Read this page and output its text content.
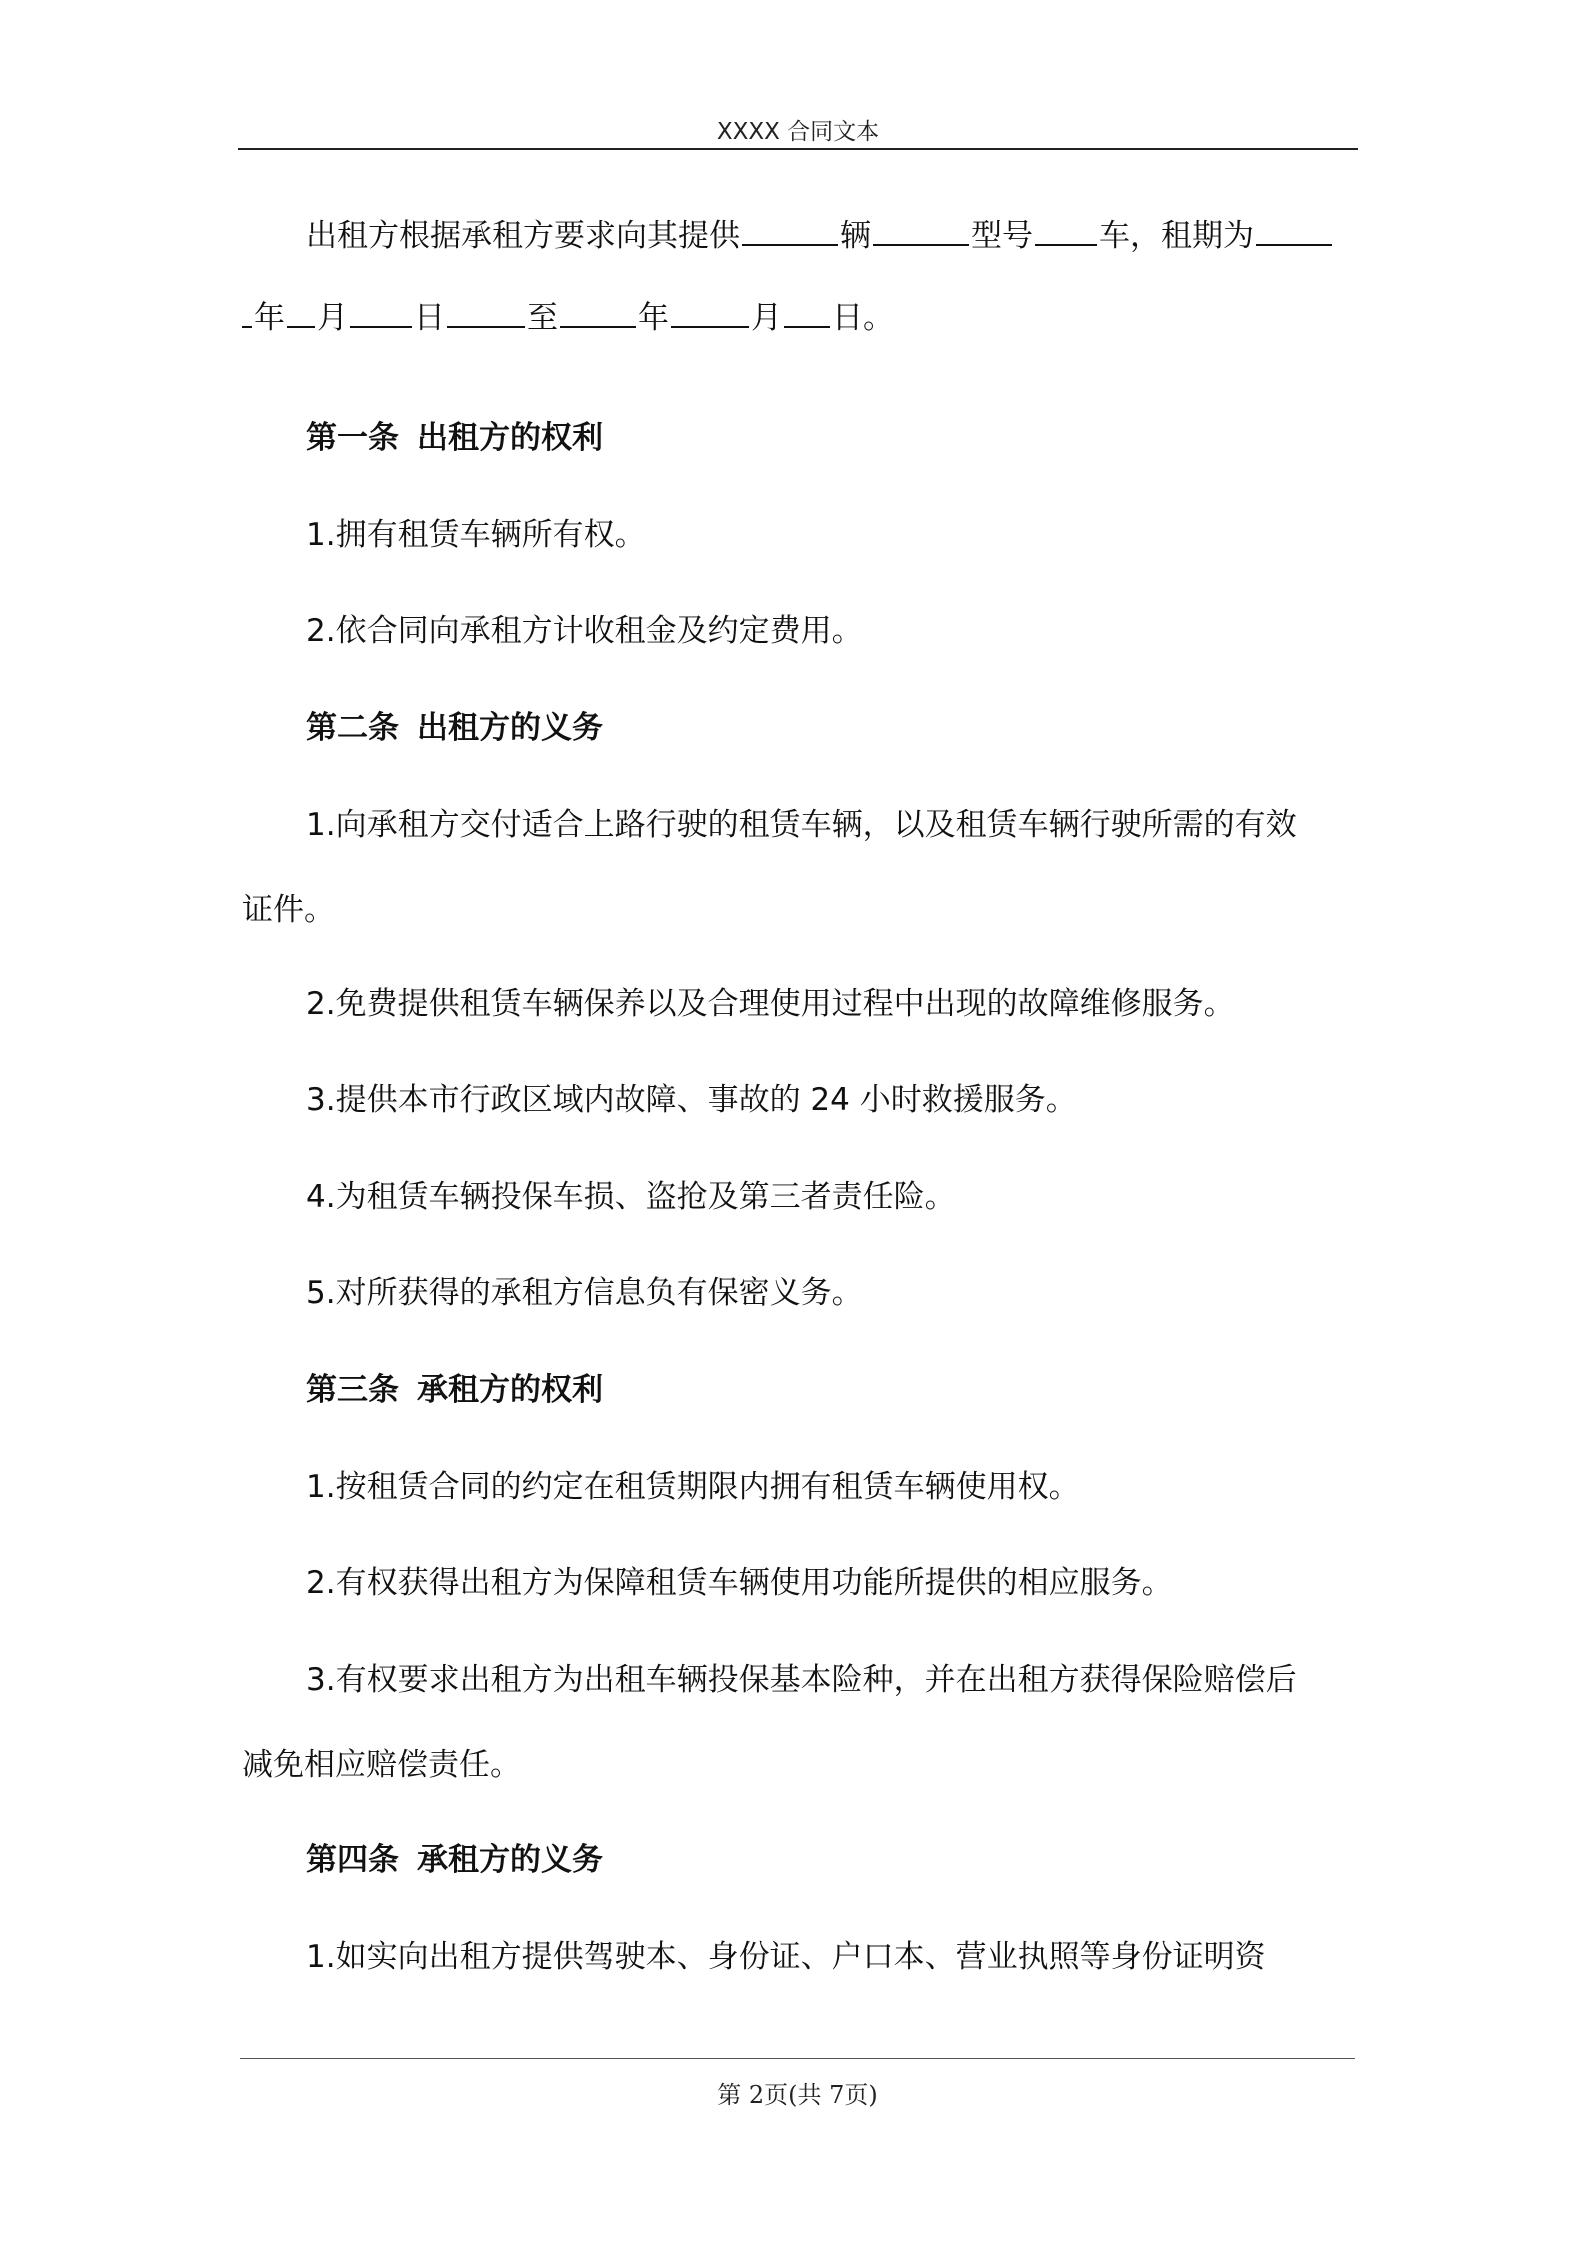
XXXX 合同文本
出租方根据承租方要求向其提供	辆	型号 车，租期为
年 月 日	至	年	月 日。
第一条 出租方的权利
1.拥有租赁车辆所有权。
2.依合同向承租方计收租金及约定费用。
第二条 出租方的义务
1.向承租方交付适合上路行驶的租赁车辆，以及租赁车辆行驶所需的有效
证件。
2.免费提供租赁车辆保养以及合理使用过程中出现的故障维修服务。
3.提供本市行政区域内故障、事故的 24 小时救援服务。
4.为租赁车辆投保车损、盗抢及第三者责任险。
5.对所获得的承租方信息负有保密义务。
第三条 承租方的权利
1.按租赁合同的约定在租赁期限内拥有租赁车辆使用权。
2.有权获得出租方为保障租赁车辆使用功能所提供的相应服务。
3.有权要求出租方为出租车辆投保基本险种，并在出租方获得保险赔偿后
减免相应赔偿责任。
第四条 承租方的义务
1.如实向出租方提供驾驶本、身份证、户口本、营业执照等身份证明资
第 2页(共 7页)
